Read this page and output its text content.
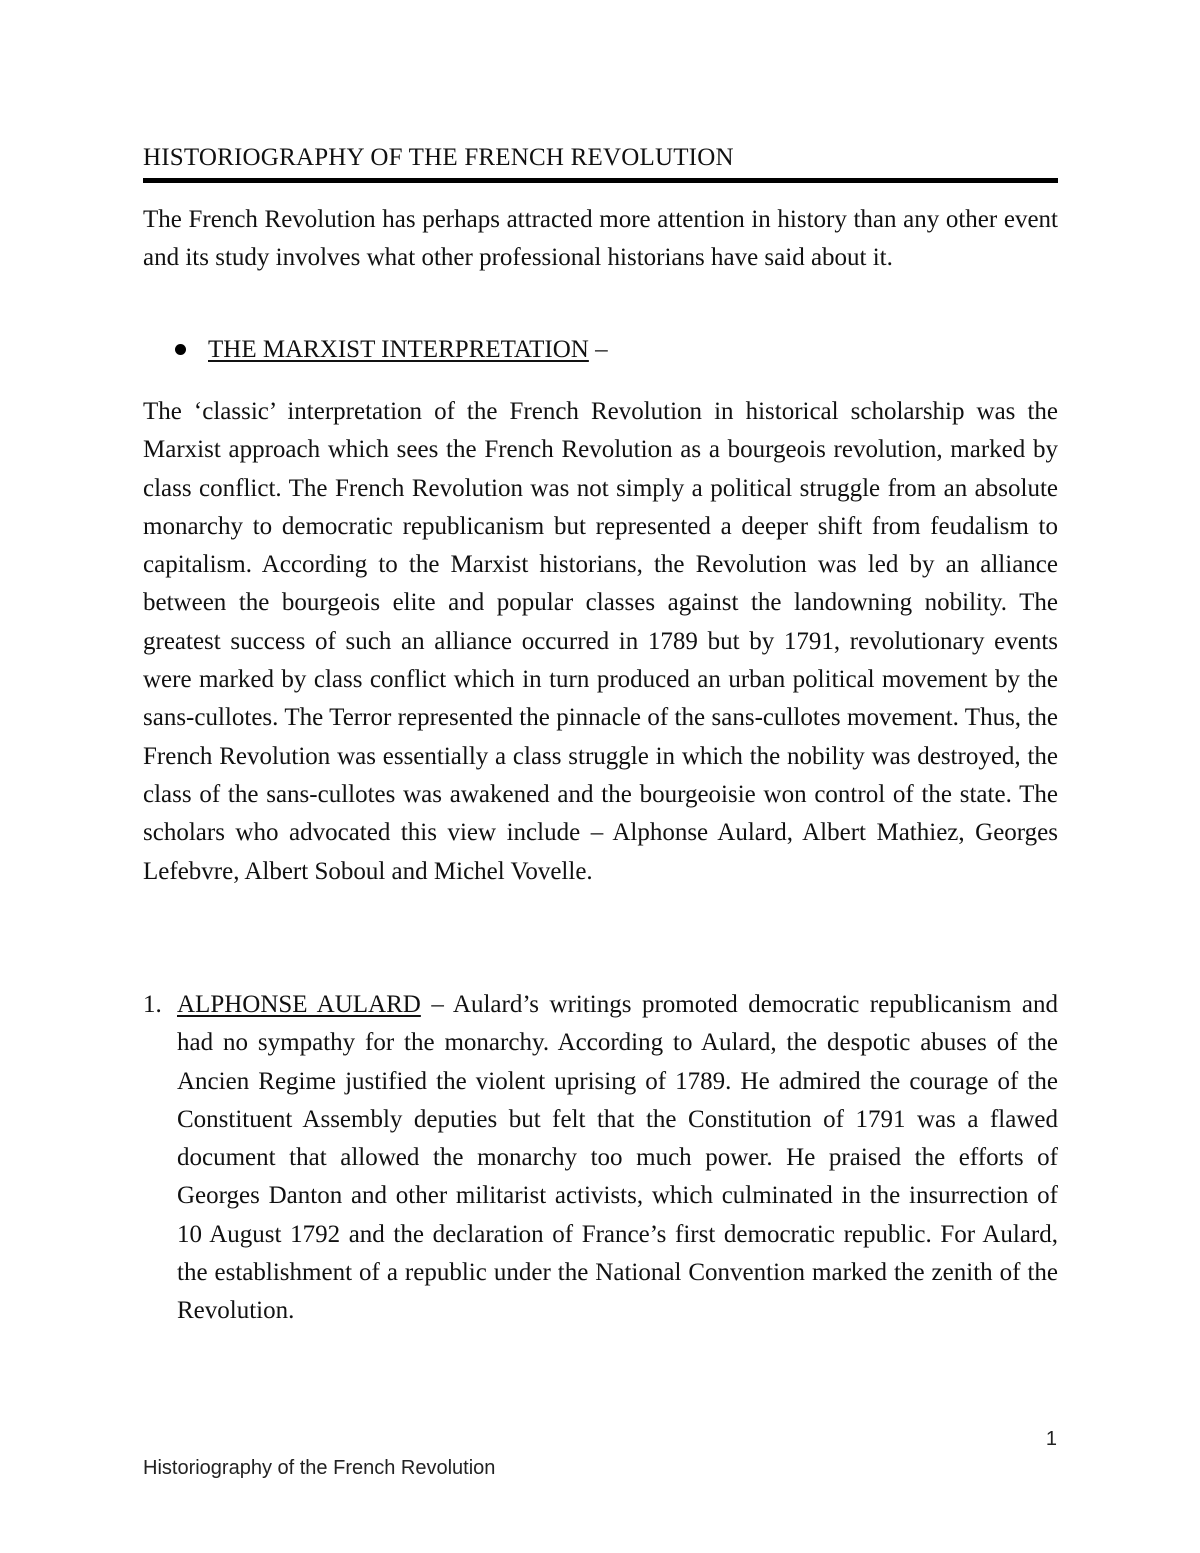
HISTORIOGRAPHY OF THE FRENCH REVOLUTION
The French Revolution has perhaps attracted more attention in history than any other event and its study involves what other professional historians have said about it.
THE MARXIST INTERPRETATION –
The ‘classic’ interpretation of the French Revolution in historical scholarship was the Marxist approach which sees the French Revolution as a bourgeois revolution, marked by class conflict. The French Revolution was not simply a political struggle from an absolute monarchy to democratic republicanism but represented a deeper shift from feudalism to capitalism. According to the Marxist historians, the Revolution was led by an alliance between the bourgeois elite and popular classes against the landowning nobility. The greatest success of such an alliance occurred in 1789 but by 1791, revolutionary events were marked by class conflict which in turn produced an urban political movement by the sans-cullotes. The Terror represented the pinnacle of the sans-cullotes movement. Thus, the French Revolution was essentially a class struggle in which the nobility was destroyed, the class of the sans-cullotes was awakened and the bourgeoisie won control of the state. The scholars who advocated this view include – Alphonse Aulard, Albert Mathiez, Georges Lefebvre, Albert Soboul and Michel Vovelle.
1. ALPHONSE AULARD – Aulard’s writings promoted democratic republicanism and had no sympathy for the monarchy. According to Aulard, the despotic abuses of the Ancien Regime justified the violent uprising of 1789. He admired the courage of the Constituent Assembly deputies but felt that the Constitution of 1791 was a flawed document that allowed the monarchy too much power. He praised the efforts of Georges Danton and other militarist activists, which culminated in the insurrection of 10 August 1792 and the declaration of France’s first democratic republic. For Aulard, the establishment of a republic under the National Convention marked the zenith of the Revolution.
1
Historiography of the French Revolution
